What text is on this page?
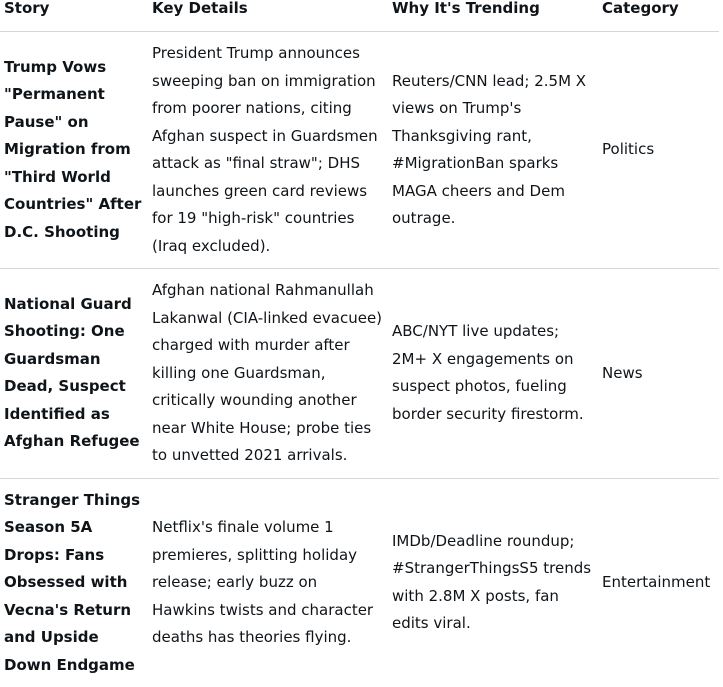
Story	Key Details	Why It's Trending	Category
Trump Vows "Permanent Pause" on Migration from "Third World Countries" After D.C. Shooting	President Trump announces sweeping ban on immigration from poorer nations, citing Afghan suspect in Guardsmen attack as "final straw"; DHS launches green card reviews for 19 "high-risk" countries (Iraq excluded).	Reuters/CNN lead; 2.5M X views on Trump's Thanksgiving rant, #MigrationBan sparks MAGA cheers and Dem outrage.	Politics
National Guard Shooting: One Guardsman Dead, Suspect Identified as Afghan Refugee	Afghan national Rahmanullah Lakanwal (CIA-linked evacuee) charged with murder after killing one Guardsman, critically wounding another near White House; probe ties to unvetted 2021 arrivals.	ABC/NYT live updates; 2M+ X engagements on suspect photos, fueling border security firestorm.	News
Stranger Things Season 5A Drops: Fans Obsessed with Vecna's Return and Upside Down Endgame	Netflix's finale volume 1 premieres, splitting holiday release; early buzz on Hawkins twists and character deaths has theories flying.	IMDb/Deadline roundup; #StrangerThingsS5 trends with 2.8M X posts, fan edits viral.	Entertainment
